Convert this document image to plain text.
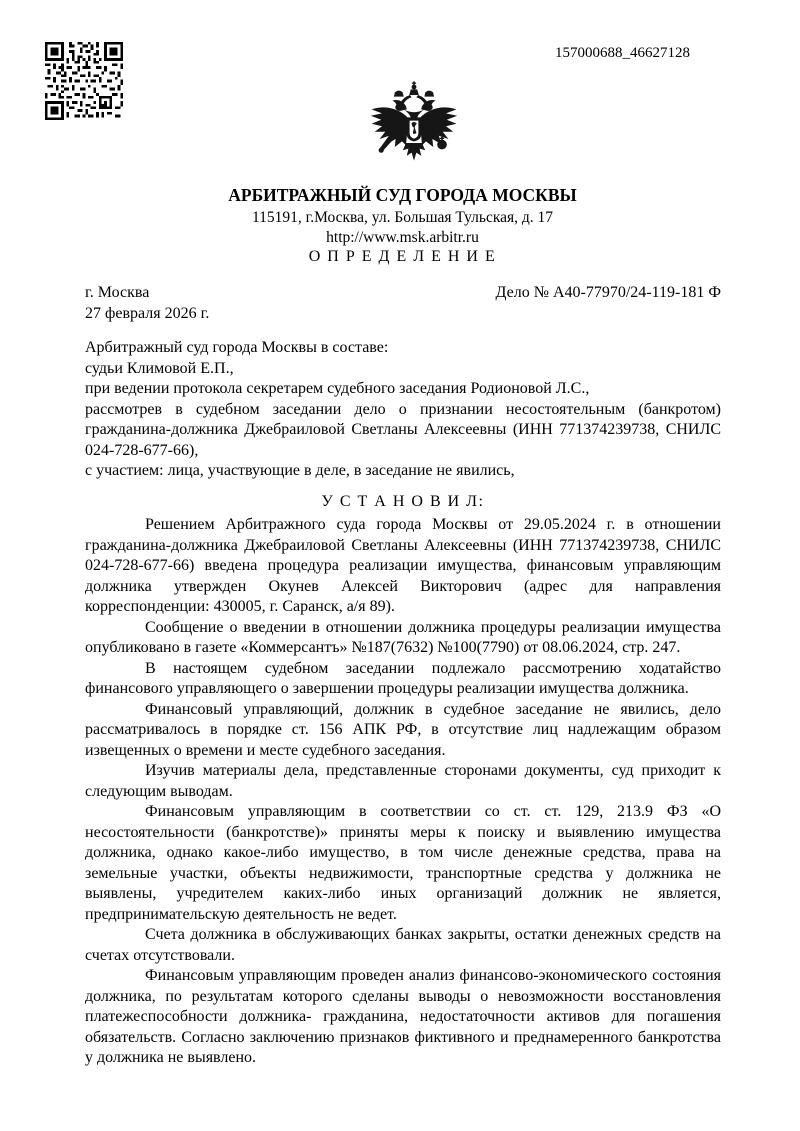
157000688_46627128
АРБИТРАЖНЫЙ СУД ГОРОДА МОСКВЫ
115191, г.Москва, ул. Большая Тульская, д. 17
http://www.msk.arbitr.ru
О П Р Е Д Е Л Е Н И Е
г. Москва	Дело № А40-77970/24-119-181 Ф
27 февраля 2026 г.

Арбитражный суд города Москвы в составе:

судьи Климовой Е.П.,

при ведении протокола секретарем судебного заседания Родионовой Л.С.,

рассмотрев в судебном заседании дело о признании несостоятельным (банкротом) гражданина-должника Джебраиловой Светланы Алексеевны (ИНН 771374239738, СНИЛС 024-728-677-66),

с участием: лица, участвующие в деле, в заседание не явились,

У С Т А Н О В И Л:

Решением Арбитражного суда города Москвы от 29.05.2024 г. в отношении гражданина-должника Джебраиловой Светланы Алексеевны (ИНН 771374239738, СНИЛС 024-728-677-66) введена процедура реализации имущества, финансовым управляющим должника утвержден Окунев Алексей Викторович (адрес для направления корреспонденции: 430005, г. Саранск, а/я 89).

Сообщение о введении в отношении должника процедуры реализации имущества опубликовано в газете «Коммерсантъ» №187(7632) №100(7790) от 08.06.2024, стр. 247.

В настоящем судебном заседании подлежало рассмотрению ходатайство финансового управляющего о завершении процедуры реализации имущества должника.

Финансовый управляющий, должник в судебное заседание не явились, дело рассматривалось в порядке ст. 156 АПК РФ, в отсутствие лиц надлежащим образом извещенных о времени и месте судебного заседания.

Изучив материалы дела, представленные сторонами документы, суд приходит к следующим выводам.

Финансовым управляющим в соответствии со ст. ст. 129, 213.9 ФЗ «О несостоятельности (банкротстве)» приняты меры к поиску и выявлению имущества должника, однако какое-либо имущество, в том числе денежные средства, права на земельные участки, объекты недвижимости, транспортные средства у должника не выявлены, учредителем каких-либо иных организаций должник не является, предпринимательскую деятельность не ведет.

Счета должника в обслуживающих банках закрыты, остатки денежных средств на счетах отсутствовали.

Финансовым управляющим проведен анализ финансово-экономического состояния должника, по результатам которого сделаны выводы о невозможности восстановления платежеспособности должника- гражданина, недостаточности активов для погашения обязательств. Согласно заключению признаков фиктивного и преднамеренного банкротства у должника не выявлено.
